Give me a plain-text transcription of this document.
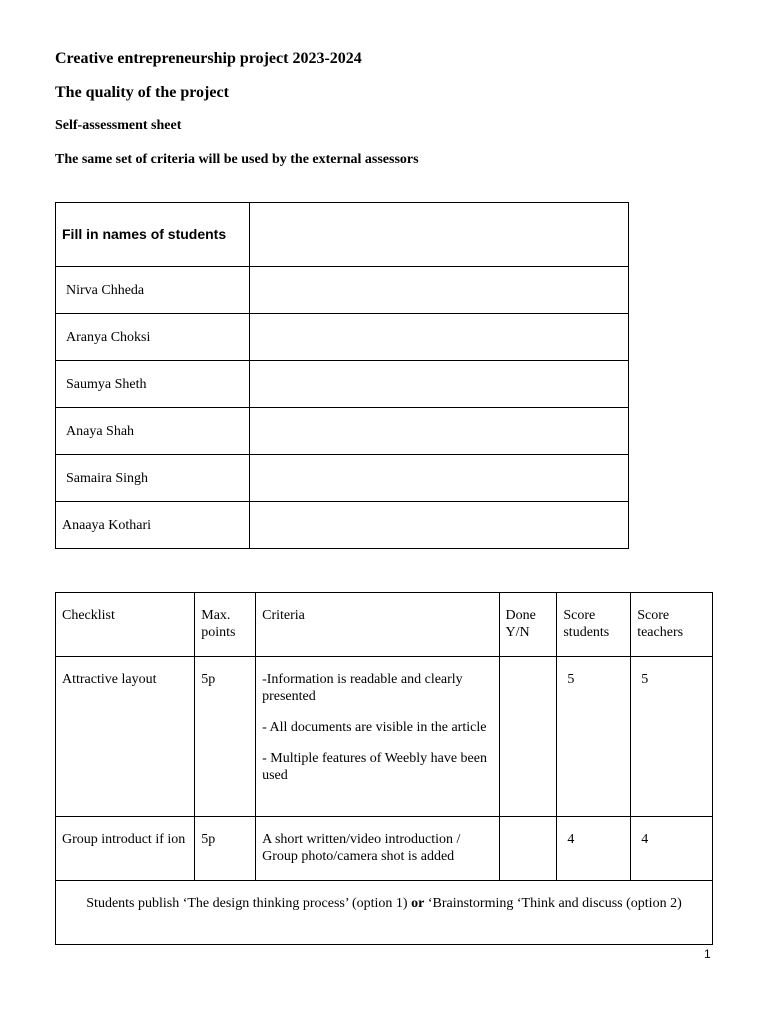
Creative entrepreneurship project 2023-2024

The quality of the project

Self-assessment sheet

The same set of criteria will be used by the external assessors

Fill in names of students	
Nirva Chheda	
Aranya Choksi	
Saumya Sheth	
Anaya Shah	
Samaira Singh	
Anaaya Kothari	
Checklist	Max. points	Criteria	Done Y/N	Score students	Score teachers
Attractive layout	5p	-Information is readable and clearly presented

- All documents are visible in the article

- Multiple features of Weebly have been used		5	5
Group introduct if ion	5p	A short written/video introduction / Group photo/camera shot is added		4	4
Students publish ‘The design thinking process’ (option 1) or ‘Brainstorming ‘Think and discuss (option 2)					
1
